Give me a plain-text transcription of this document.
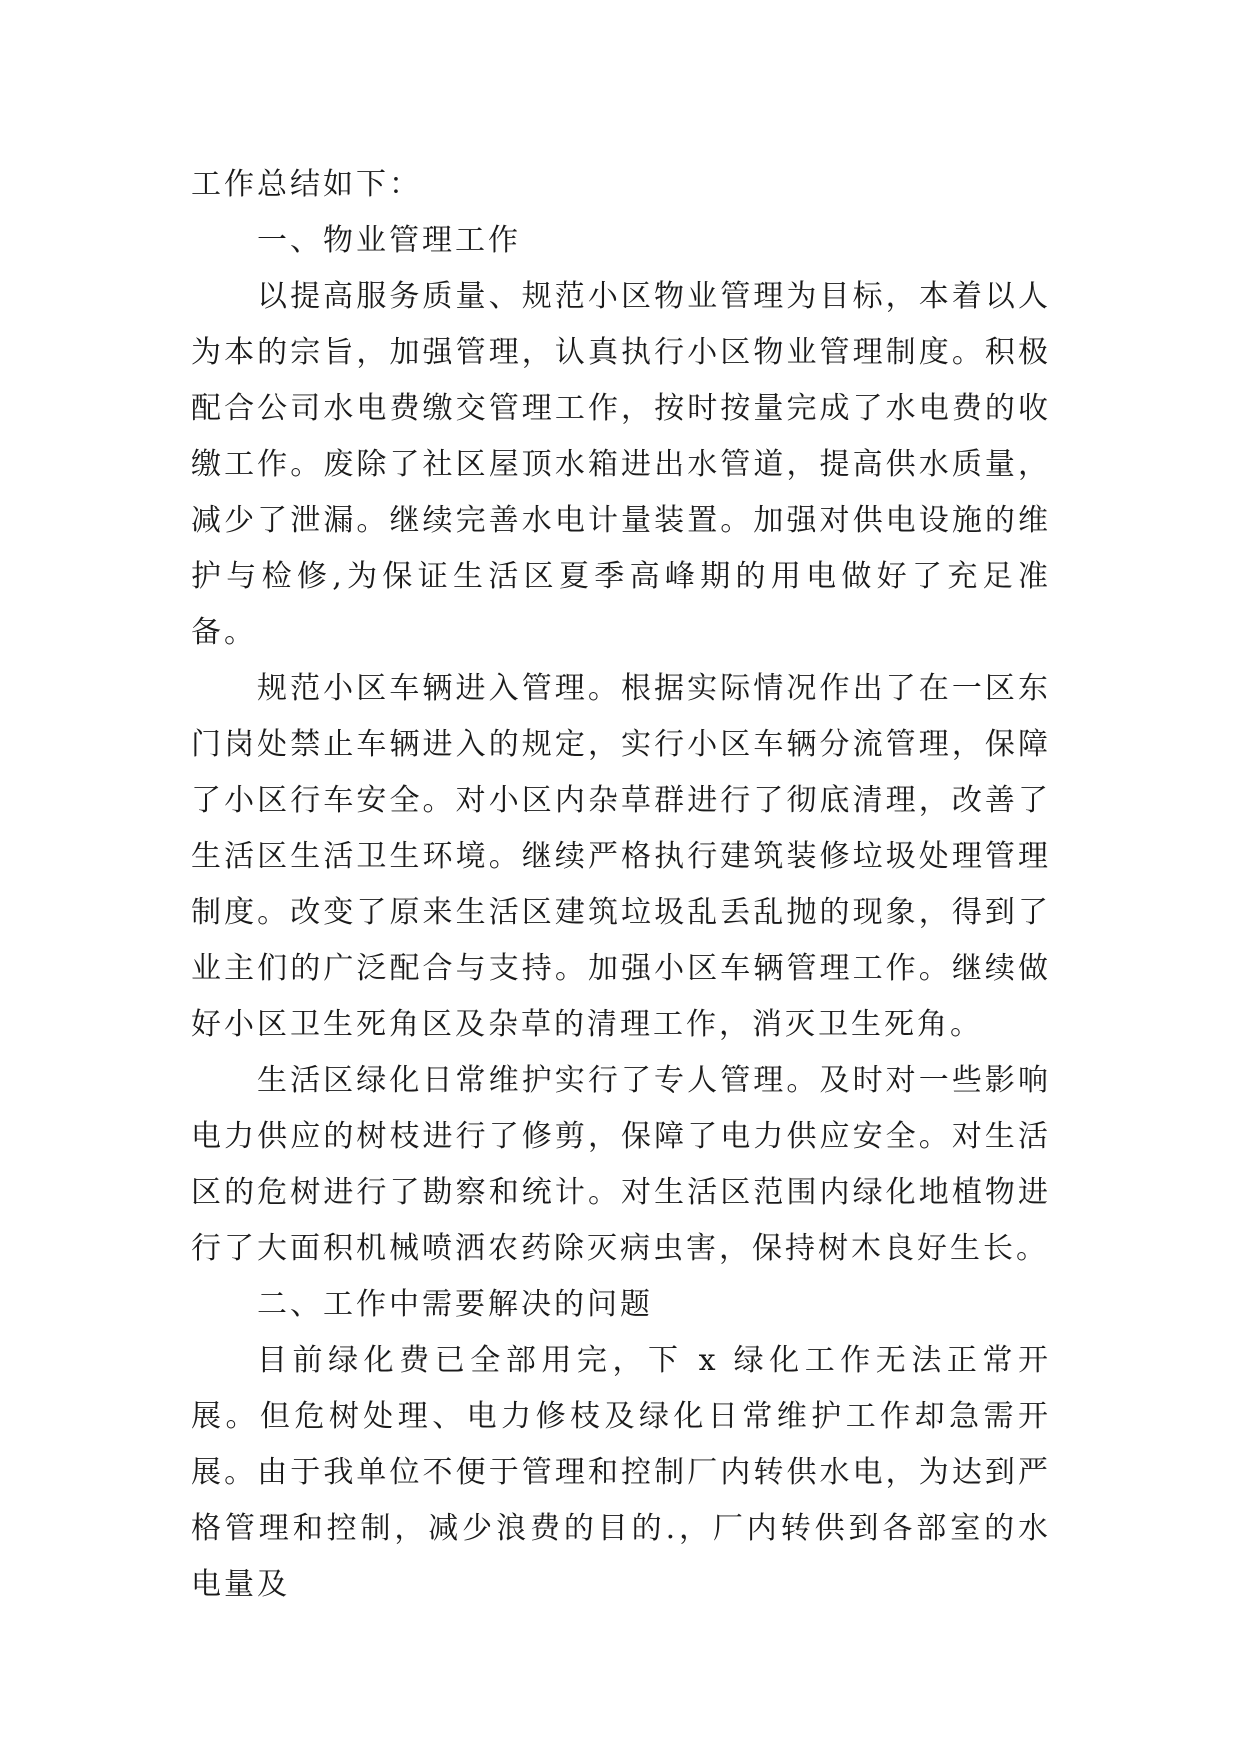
工作总结如下：

一、物业管理工作

以提高服务质量、规范小区物业管理为目标，本着以人为本的宗旨，加强管理，认真执行小区物业管理制度。积极配合公司水电费缴交管理工作，按时按量完成了水电费的收缴工作。废除了社区屋顶水箱进出水管道，提高供水质量，减少了泄漏。继续完善水电计量装置。加强对供电设施的维护与检修,为保证生活区夏季高峰期的用电做好了充足准备。

规范小区车辆进入管理。根据实际情况作出了在一区东门岗处禁止车辆进入的规定，实行小区车辆分流管理，保障了小区行车安全。对小区内杂草群进行了彻底清理，改善了生活区生活卫生环境。继续严格执行建筑装修垃圾处理管理制度。改变了原来生活区建筑垃圾乱丢乱抛的现象，得到了业主们的广泛配合与支持。加强小区车辆管理工作。继续做好小区卫生死角区及杂草的清理工作，消灭卫生死角。

生活区绿化日常维护实行了专人管理。及时对一些影响电力供应的树枝进行了修剪，保障了电力供应安全。对生活区的危树进行了勘察和统计。对生活区范围内绿化地植物进行了大面积机械喷洒农药除灭病虫害，保持树木良好生长。

二、工作中需要解决的问题

目前绿化费已全部用完，下 x 绿化工作无法正常开展。但危树处理、电力修枝及绿化日常维护工作却急需开展。由于我单位不便于管理和控制厂内转供水电，为达到严格管理和控制，减少浪费的目的.，厂内转供到各部室的水电量及
